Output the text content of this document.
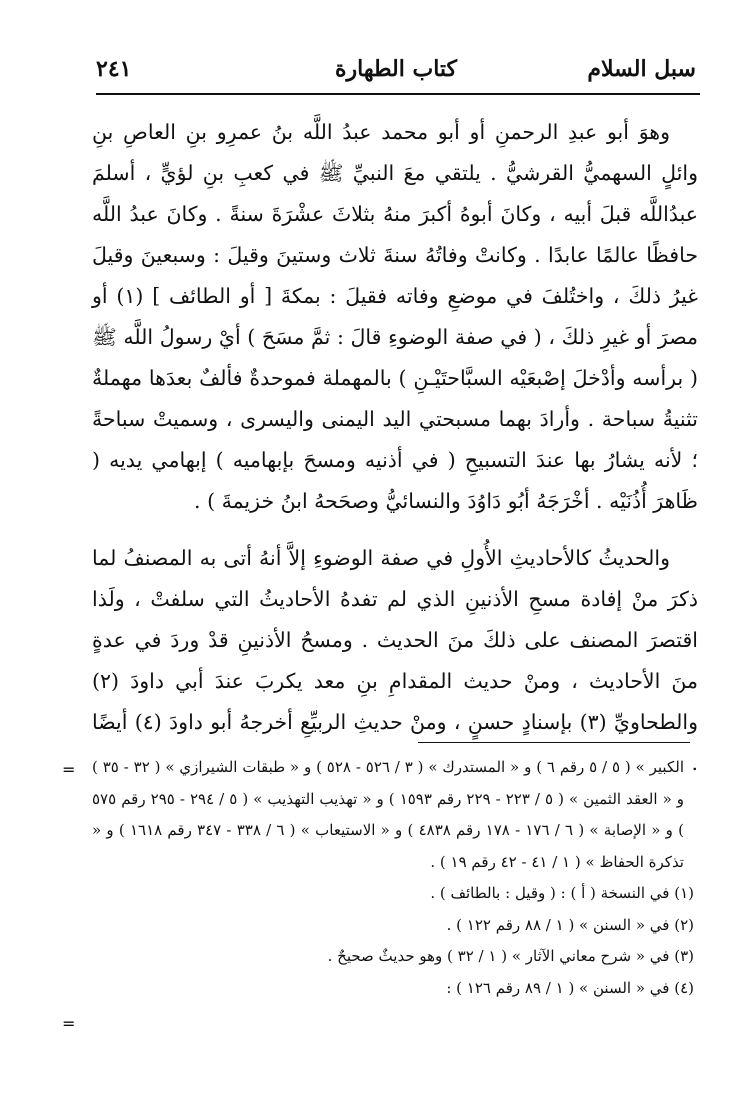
سبل السلام
كتاب الطهارة
٢٤١

وهوَ أبو عبدِ الرحمنِ أو أبو محمد عبدُ اللَّه بنُ عمرِو بنِ العاصِ بنِ وائلٍ السهميُّ القرشيُّ . يلتقي معَ النبيِّ ﷺ في كعبِ بنِ لؤيٍّ ، أسلمَ عبدُاللَّه قبلَ أبيه ، وكانَ أبوهُ أكبرَ منهُ بثلاثَ عشْرَةَ سنةً . وكانَ عبدُ اللَّه حافظًا عالمًا عابدًا . وكانتْ وفاتُهُ سنةَ ثلاث وستينَ وقيلَ : وسبعينَ وقيلَ غيرُ ذلكَ ، واختُلفَ في موضعِ وفاته فقيلَ : بمكةَ [ أو الطائف ] (١) أو مصرَ أو غيرِ ذلكَ ، ( في صفة الوضوءِ قالَ : ثمَّ مسَحَ ) أيْ رسولُ اللَّه ﷺ ( برأسه وأدْخلَ إصْبعَيْه السبَّاحتَيْـنِ ) بالمهملة فموحدةٌ فألفٌ بعدَها مهملةٌ تثنيةُ سباحة . وأرادَ بهما مسبحتي اليد اليمنى واليسرى ، وسميتْ سباحةً ؛ لأنه يشارُ بها عندَ التسبيحِ ( في أذنيه ومسحَ بإبهاميه ) إبهامي يديه ( ظَاهرَ أُذُنَيْه . أخْرَجَهُ أبُو دَاوُدَ والنسائيُّ وصحَحهُ ابنُ خزيمةَ ) .

والحديثُ كالأحاديثِ الأُولِ في صفة الوضوءِ إلاَّ أنهُ أتى به المصنفُ لما ذكرَ منْ إفادة مسحِ الأذنينِ الذي لم تفدهُ الأحاديثُ التي سلفتْ ، ولَذا اقتصرَ المصنف على ذلكَ منَ الحديث . ومسحُ الأذنينِ قدْ وردَ في عدةٍ منَ الأحاديث ، ومنْ حديث المقدامِ بنِ معد يكربَ عندَ أبي داودَ (٢) والطحاويِّ (٣) بإسنادٍ حسنٍ ، ومنْ حديثِ الربيِّعِ أخرجهُ أبو داودَ (٤) أيضًا .

الكبير » ( ٥ / ٥ رقم ٦ ) و « المستدرك » ( ٣ / ٥٢٦ - ٥٢٨ ) و « طبقات الشيرازي » ( ٣٢ - ٣٥ ) و « العقد الثمين » ( ٥ / ٢٢٣ - ٢٢٩ رقم ١٥٩٣ ) و « تهذيب التهذيب » ( ٥ / ٢٩٤ - ٢٩٥ رقم ٥٧٥ ) و « الإصابة » ( ٦ / ١٧٦ - ١٧٨ رقم ٤٨٣٨ ) و « الاستيعاب » ( ٦ / ٣٣٨ - ٣٤٧ رقم ١٦١٨ ) و « تذكرة الحفاظ » ( ١ / ٤١ - ٤٢ رقم ١٩ ) .

(١) في النسخة ( أ ) : ( وقيل : بالطائف ) .

(٢) في « السنن » ( ١ / ٨٨ رقم ١٢٢ ) .

(٣) في « شرح معاني الآثار » ( ١ / ٣٢ ) وهو حديثٌ صحيحٌ .

(٤) في « السنن » ( ١ / ٨٩ رقم ١٢٦ ) :

=
=
